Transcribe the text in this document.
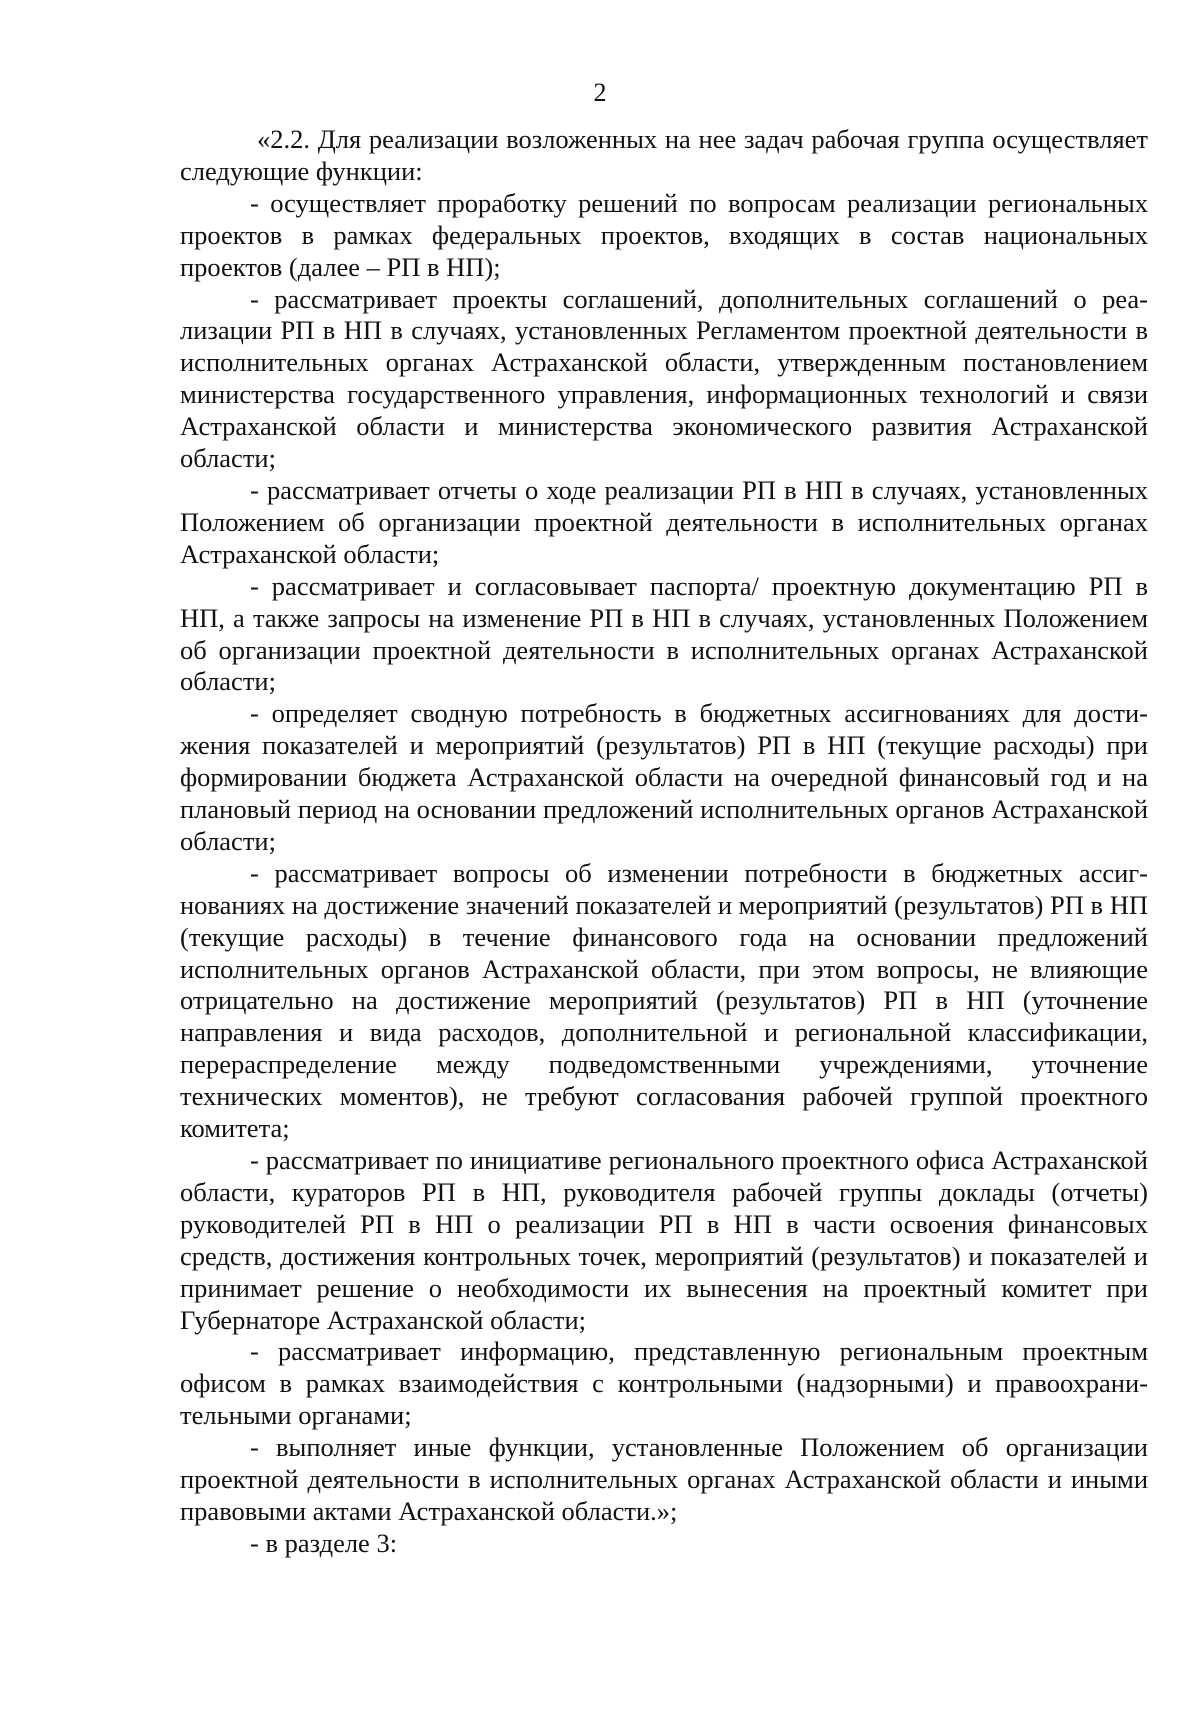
2

«2.2. Для реализации возложенных на нее задач рабочая группа осуществляет следующие функции:

- осуществляет проработку решений по вопросам реализации региональных проектов в рамках федеральных проектов, входящих в состав национальных проектов (далее – РП в НП);

- рассматривает проекты соглашений, дополнительных соглашений о реализации РП в НП в случаях, установленных Регламентом проектной деятельности в исполнительных органах Астраханской области, утвержденным постановлением министерства государственного управления, информационных технологий и связи Астраханской области и министерства экономического развития Астраханской области;

- рассматривает отчеты о ходе реализации РП в НП в случаях, установленных Положением об организации проектной деятельности в исполнительных органах Астраханской области;

- рассматривает и согласовывает паспорта/ проектную документацию РП в НП, а также запросы на изменение РП в НП в случаях, установленных Положением об организации проектной деятельности в исполнительных органах Астраханской области;

- определяет сводную потребность в бюджетных ассигнованиях для достижения показателей и мероприятий (результатов) РП в НП (текущие расходы) при формировании бюджета Астраханской области на очередной финансовый год и на плановый период на основании предложений исполнительных органов Астраханской области;

- рассматривает вопросы об изменении потребности в бюджетных ассигнованиях на достижение значений показателей и мероприятий (результатов) РП в НП (текущие расходы) в течение финансового года на основании предложений исполнительных органов Астраханской области, при этом вопросы, не влияющие отрицательно на достижение мероприятий (результатов) РП в НП (уточнение направления и вида расходов, дополнительной и региональной классификации, перераспределение между подведомственными учреждениями, уточнение технических моментов), не требуют согласования рабочей группой проектного комитета;

- рассматривает по инициативе регионального проектного офиса Астраханской области, кураторов РП в НП, руководителя рабочей группы доклады (отчеты) руководителей РП в НП о реализации РП в НП в части освоения финансовых средств, достижения контрольных точек, мероприятий (результатов) и показателей и принимает решение о необходимости их вынесения на проектный комитет при Губернаторе Астраханской области;

- рассматривает информацию, представленную региональным проектным офисом в рамках взаимодействия с контрольными (надзорными) и правоохранительными органами;

- выполняет иные функции, установленные Положением об организации проектной деятельности в исполнительных органах Астраханской области и иными правовыми актами Астраханской области.»;

- в разделе 3:
